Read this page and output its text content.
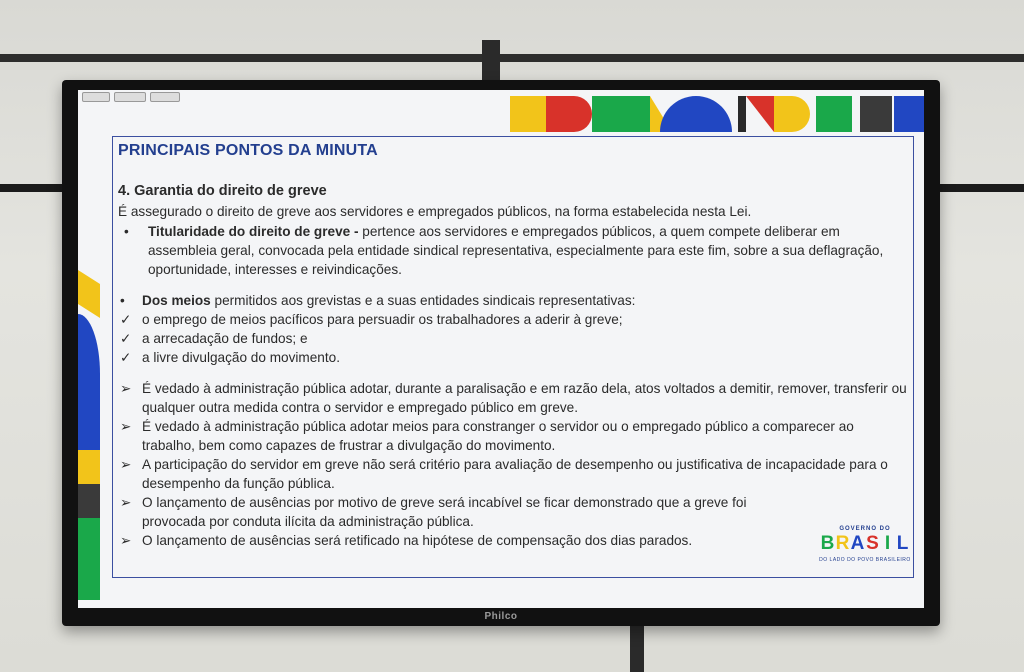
PRINCIPAIS PONTOS DA MINUTA
4. Garantia do direito de greve
É assegurado o direito de greve aos servidores e empregados públicos, na forma estabelecida nesta Lei.
•	Titularidade do direito de greve - pertence aos servidores e empregados públicos, a quem compete deliberar em assembleia geral, convocada pela entidade sindical representativa, especialmente para este fim, sobre a sua deflagração, oportunidade, interesses e reivindicações.
•	Dos meios permitidos aos grevistas e a suas entidades sindicais representativas:
✓ o emprego de meios pacíficos para persuadir os trabalhadores a aderir à greve;
✓ a arrecadação de fundos; e
✓ a livre divulgação do movimento.
➢ É vedado à administração pública adotar, durante a paralisação e em razão dela, atos voltados a demitir, remover, transferir ou qualquer outra medida contra o servidor e empregado público em greve.
➢ É vedado à administração pública adotar meios para constranger o servidor ou o empregado público a comparecer ao trabalho, bem como capazes de frustrar a divulgação do movimento.
➢ A participação do servidor em greve não será critério para avaliação de desempenho ou justificativa de incapacidade para o desempenho da função pública.
➢ O lançamento de ausências por motivo de greve será incabível se ficar demonstrado que a greve foi provocada por conduta ilícita da administração pública.
➢ O lançamento de ausências será retificado na hipótese de compensação dos dias parados.
GOVERNO DO
B R A S I L
DO LADO DO POVO BRASILEIRO
Philco
